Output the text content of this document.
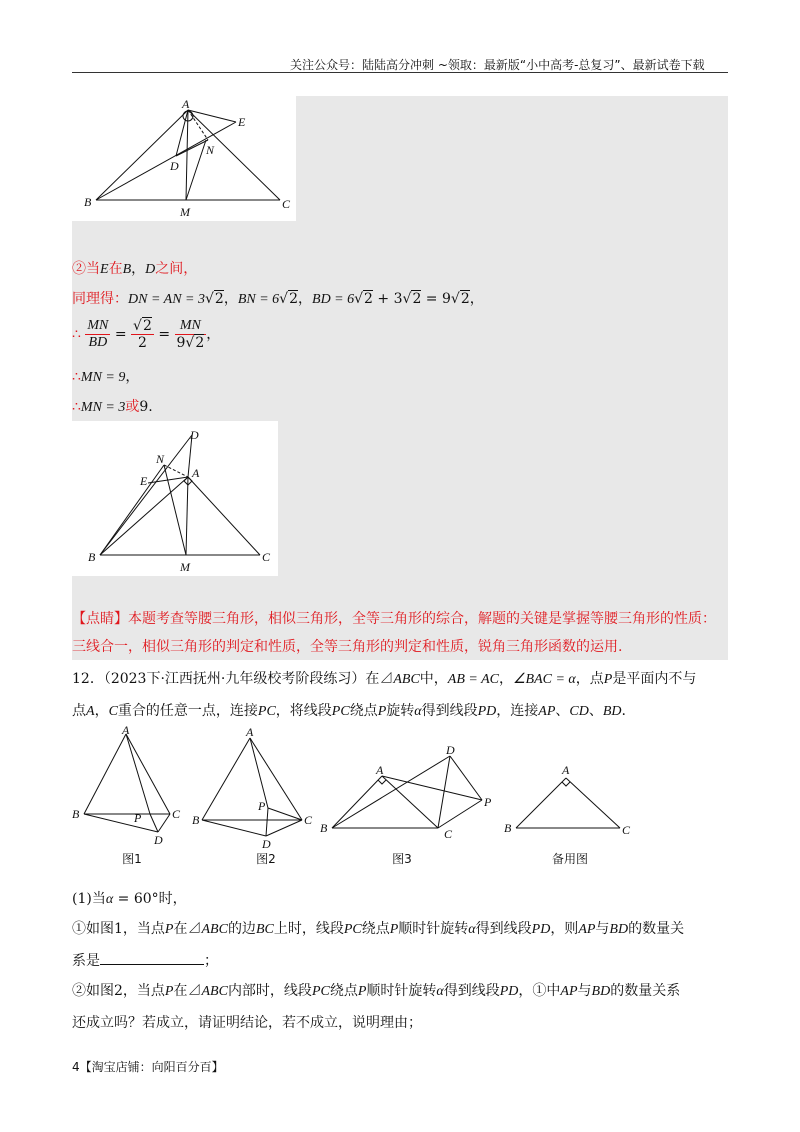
关注公众号：陆陆高分冲刺 ~领取：最新版“小中高考-总复习”、最新试卷下载
A
E
N
D
B
M
C
②当E在B，D之间，
同理得：DN = AN = 3√2，BN = 6√2，BD = 6√2 + 3√2 = 9√2，
∴ $\frac{MN}{BD} = \frac{√2}{2} = \frac{MN}{9√2}$ ，
∴MN = 9，
∴MN = 3或9.
D
N
A
E
B
M
C
【点睛】本题考查等腰三角形，相似三角形，全等三角形的综合，解题的关键是掌握等腰三角形的性质：
三线合一，相似三角形的判定和性质，全等三角形的判定和性质，锐角三角形函数的运用.
12．（2023下·江西抚州·九年级校考阶段练习）在⊿ABC中，AB = AC，∠BAC = α，点P是平面内不与
点A，C重合的任意一点，连接PC，将线段PC绕点P旋转α得到线段PD，连接AP、CD、BD.
A
B	P	C
D
A
P
B	C
D
D
A
P
B	C
A
B	C
图1	图2	图3	备用图
(1)当α = 60°时，
①如图1，当点P在⊿ABC的边BC上时，线段PC绕点P顺时针旋转α得到线段PD，则AP与BD的数量关
系是	；
②如图2，当点P在⊿ABC内部时，线段PC绕点P顺时针旋转α得到线段PD，①中AP与BD的数量关系
还成立吗？若成立，请证明结论，若不成立，说明理由；
4【淘宝店铺：向阳百分百】
